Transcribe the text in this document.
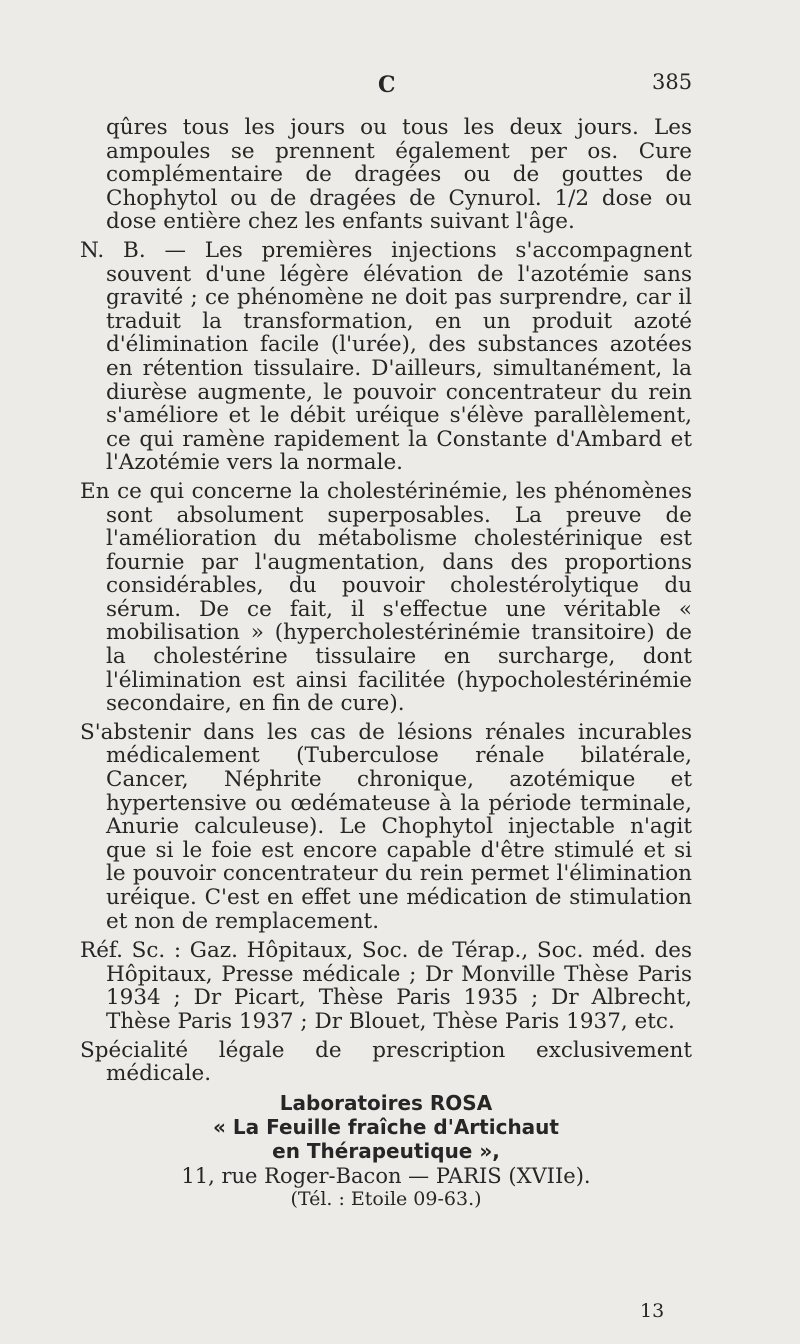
C	385

qûres tous les jours ou tous les deux jours. Les ampoules se prennent également per os. Cure complémentaire de dragées ou de gouttes de Chophytol ou de dragées de Cynurol. 1/2 dose ou dose entière chez les enfants suivant l'âge.

N. B. — Les premières injections s'accompagnent souvent d'une légère élévation de l'azotémie sans gravité ; ce phénomène ne doit pas surprendre, car il traduit la transformation, en un produit azoté d'élimination facile (l'urée), des substances azotées en rétention tissulaire. D'ailleurs, simultanément, la diurèse augmente, le pouvoir concentrateur du rein s'améliore et le débit uréique s'élève parallèlement, ce qui ramène rapidement la Constante d'Ambard et l'Azotémie vers la normale.

En ce qui concerne la cholestérinémie, les phénomènes sont absolument superposables. La preuve de l'amélioration du métabolisme cholestérinique est fournie par l'augmentation, dans des proportions considérables, du pouvoir cholestérolytique du sérum. De ce fait, il s'effectue une véritable « mobilisation » (hypercholestérinémie transitoire) de la cholestérine tissulaire en surcharge, dont l'élimination est ainsi facilitée (hypocholestérinémie secondaire, en fin de cure).

S'abstenir dans les cas de lésions rénales incurables médicalement (Tuberculose rénale bilatérale, Cancer, Néphrite chronique, azotémique et hypertensive ou œdémateuse à la période terminale, Anurie calculeuse). Le Chophytol injectable n'agit que si le foie est encore capable d'être stimulé et si le pouvoir concentrateur du rein permet l'élimination uréique. C'est en effet une médication de stimulation et non de remplacement.

Réf. Sc. : Gaz. Hôpitaux, Soc. de Térap., Soc. méd. des Hôpitaux, Presse médicale ; Dr Monville Thèse Paris 1934 ; Dr Picart, Thèse Paris 1935 ; Dr Albrecht, Thèse Paris 1937 ; Dr Blouet, Thèse Paris 1937, etc.

Spécialité légale de prescription exclusivement médicale.

Laboratoires ROSA

« La Feuille fraîche d'Artichaut

en Thérapeutique »,

11, rue Roger-Bacon — PARIS (XVIIe).

(Tél. : Etoile 09-63.)

13
